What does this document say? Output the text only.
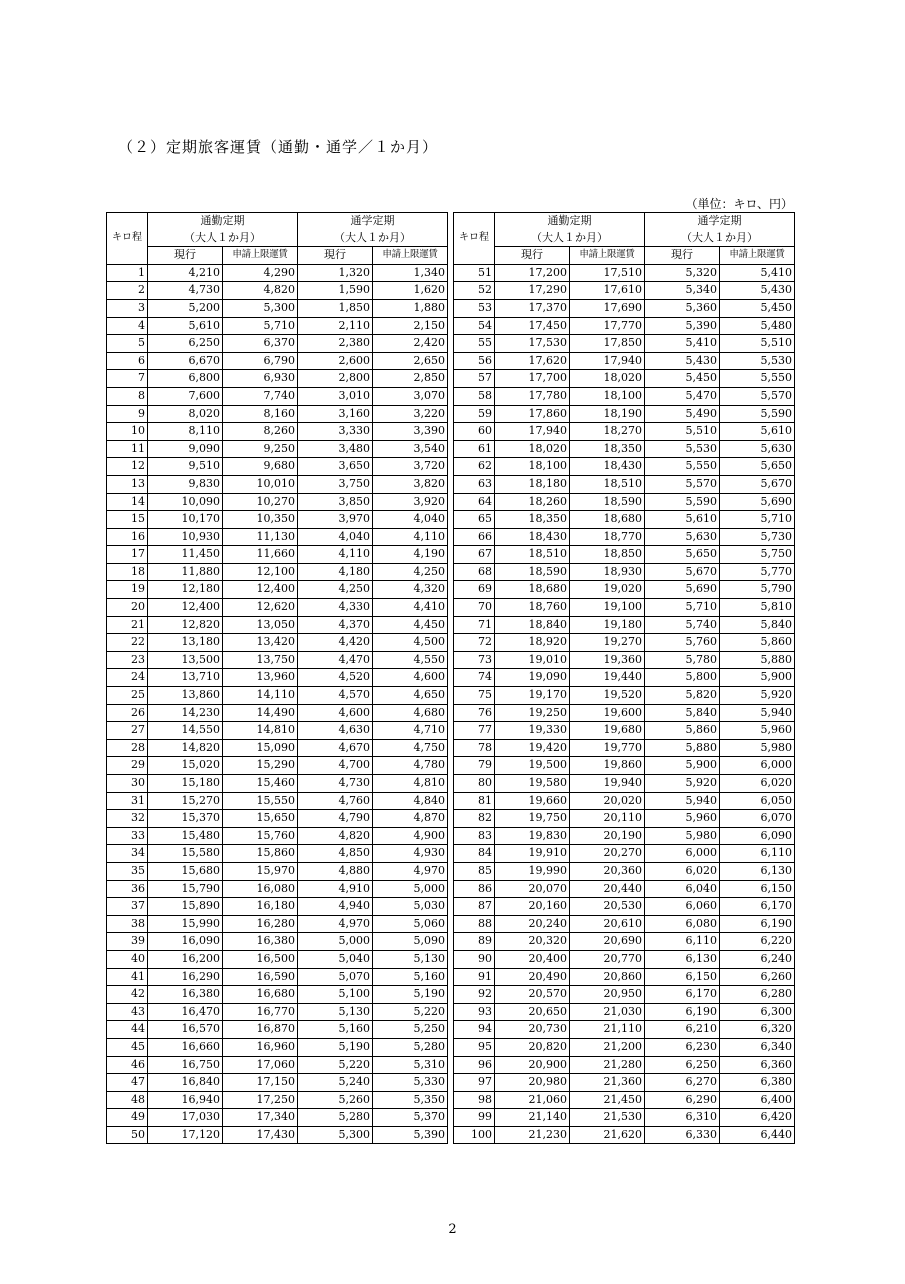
（２）定期旅客運賃（通勤・通学／１か月）
（単位：キロ、円）
キロ程	通勤定期
（大人１か月）		通学定期
（大人１か月）	
	現行	申請上限運賃	現行	申請上限運賃
1	4,210	4,290	1,320	1,340
2	4,730	4,820	1,590	1,620
3	5,200	5,300	1,850	1,880
4	5,610	5,710	2,110	2,150
5	6,250	6,370	2,380	2,420
6	6,670	6,790	2,600	2,650
7	6,800	6,930	2,800	2,850
8	7,600	7,740	3,010	3,070
9	8,020	8,160	3,160	3,220
10	8,110	8,260	3,330	3,390
11	9,090	9,250	3,480	3,540
12	9,510	9,680	3,650	3,720
13	9,830	10,010	3,750	3,820
14	10,090	10,270	3,850	3,920
15	10,170	10,350	3,970	4,040
16	10,930	11,130	4,040	4,110
17	11,450	11,660	4,110	4,190
18	11,880	12,100	4,180	4,250
19	12,180	12,400	4,250	4,320
20	12,400	12,620	4,330	4,410
21	12,820	13,050	4,370	4,450
22	13,180	13,420	4,420	4,500
23	13,500	13,750	4,470	4,550
24	13,710	13,960	4,520	4,600
25	13,860	14,110	4,570	4,650
26	14,230	14,490	4,600	4,680
27	14,550	14,810	4,630	4,710
28	14,820	15,090	4,670	4,750
29	15,020	15,290	4,700	4,780
30	15,180	15,460	4,730	4,810
31	15,270	15,550	4,760	4,840
32	15,370	15,650	4,790	4,870
33	15,480	15,760	4,820	4,900
34	15,580	15,860	4,850	4,930
35	15,680	15,970	4,880	4,970
36	15,790	16,080	4,910	5,000
37	15,890	16,180	4,940	5,030
38	15,990	16,280	4,970	5,060
39	16,090	16,380	5,000	5,090
40	16,200	16,500	5,040	5,130
41	16,290	16,590	5,070	5,160
42	16,380	16,680	5,100	5,190
43	16,470	16,770	5,130	5,220
44	16,570	16,870	5,160	5,250
45	16,660	16,960	5,190	5,280
46	16,750	17,060	5,220	5,310
47	16,840	17,150	5,240	5,330
48	16,940	17,250	5,260	5,350
49	17,030	17,340	5,280	5,370
50	17,120	17,430	5,300	5,390
キロ程	通勤定期
（大人１か月）		通学定期
（大人１か月）	
	現行	申請上限運賃	現行	申請上限運賃
51	17,200	17,510	5,320	5,410
52	17,290	17,610	5,340	5,430
53	17,370	17,690	5,360	5,450
54	17,450	17,770	5,390	5,480
55	17,530	17,850	5,410	5,510
56	17,620	17,940	5,430	5,530
57	17,700	18,020	5,450	5,550
58	17,780	18,100	5,470	5,570
59	17,860	18,190	5,490	5,590
60	17,940	18,270	5,510	5,610
61	18,020	18,350	5,530	5,630
62	18,100	18,430	5,550	5,650
63	18,180	18,510	5,570	5,670
64	18,260	18,590	5,590	5,690
65	18,350	18,680	5,610	5,710
66	18,430	18,770	5,630	5,730
67	18,510	18,850	5,650	5,750
68	18,590	18,930	5,670	5,770
69	18,680	19,020	5,690	5,790
70	18,760	19,100	5,710	5,810
71	18,840	19,180	5,740	5,840
72	18,920	19,270	5,760	5,860
73	19,010	19,360	5,780	5,880
74	19,090	19,440	5,800	5,900
75	19,170	19,520	5,820	5,920
76	19,250	19,600	5,840	5,940
77	19,330	19,680	5,860	5,960
78	19,420	19,770	5,880	5,980
79	19,500	19,860	5,900	6,000
80	19,580	19,940	5,920	6,020
81	19,660	20,020	5,940	6,050
82	19,750	20,110	5,960	6,070
83	19,830	20,190	5,980	6,090
84	19,910	20,270	6,000	6,110
85	19,990	20,360	6,020	6,130
86	20,070	20,440	6,040	6,150
87	20,160	20,530	6,060	6,170
88	20,240	20,610	6,080	6,190
89	20,320	20,690	6,110	6,220
90	20,400	20,770	6,130	6,240
91	20,490	20,860	6,150	6,260
92	20,570	20,950	6,170	6,280
93	20,650	21,030	6,190	6,300
94	20,730	21,110	6,210	6,320
95	20,820	21,200	6,230	6,340
96	20,900	21,280	6,250	6,360
97	20,980	21,360	6,270	6,380
98	21,060	21,450	6,290	6,400
99	21,140	21,530	6,310	6,420
100	21,230	21,620	6,330	6,440
2
